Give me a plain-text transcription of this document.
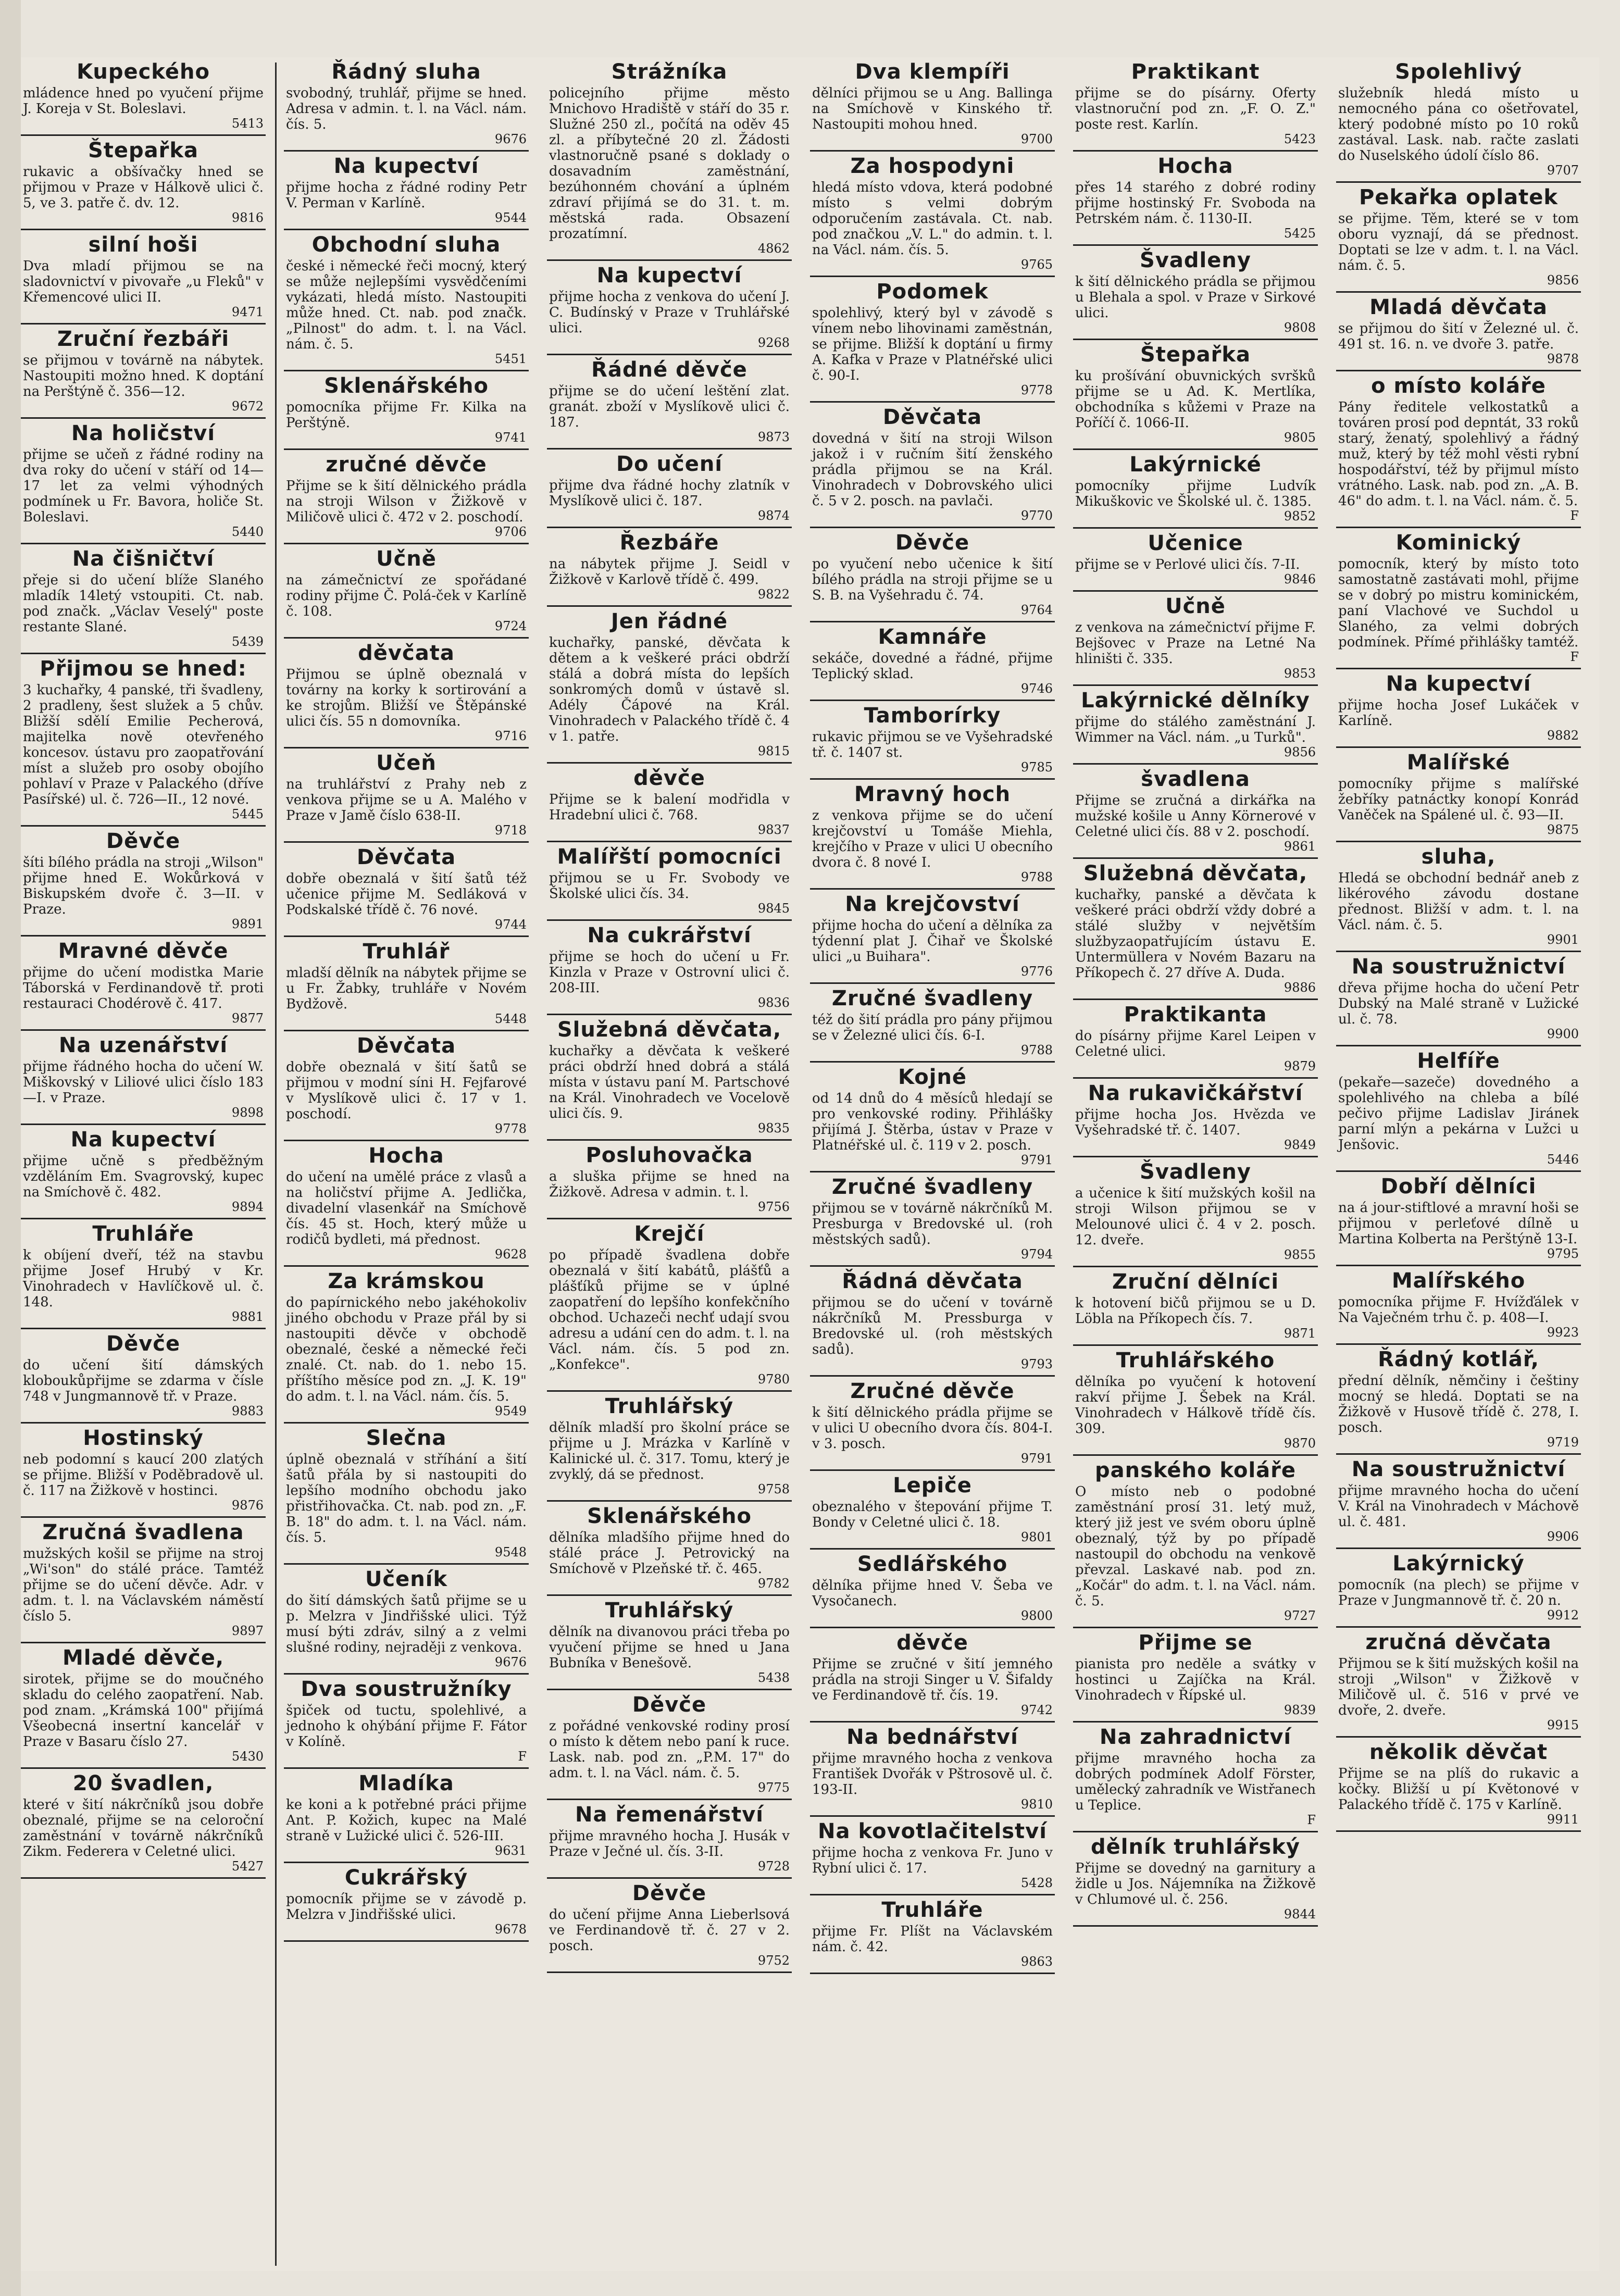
Kupeckého

mládence hned po vyučení přijme J. Koreja v St. Boleslavi.

5413
Štepařka

rukavic a obšívačky hned se přijmou v Praze v Hálkově ulici č. 5, ve 3. patře č. dv. 12.

9816
silní hoši

Dva mladí přijmou se na sladovnictví v pivovaře „u Fleků" v Křemencové ulici II.

9471
Zruční řezbáři

se přijmou v továrně na nábytek. Nastoupiti možno hned. K doptání na Perštýně č. 356—12.

9672
Na holičství

přijme se učeň z řádné rodiny na dva roky do učení v stáří od 14—17 let za velmi výhodných podmínek u Fr. Bavora, holiče St. Boleslavi.

5440
Na čišničtví

přeje si do učení blíže Slaného mladík 14letý vstoupiti. Ct. nab. pod značk. „Václav Veselý" poste restante Slané.

5439
Přijmou se hned:

3 kuchařky, 4 panské, tři švadleny, 2 pradleny, šest služek a 5 chův. Bližší sdělí Emilie Pecherová, majitelka nově otevřeného koncesov. ústavu pro zaopatřování míst a služeb pro osoby obojího pohlaví v Praze v Palackého (dříve Pasířské) ul. č. 726—II., 12 nové.

5445
Děvče

šíti bílého prádla na stroji „Wilson" přijme hned E. Wokůrková v Biskupském dvoře č. 3—II. v Praze.

9891
Mravné děvče

přijme do učení modistka Marie Táborská v Ferdinandově tř. proti restauraci Chodérově č. 417.

9877
Na uzenářství

přijme řádného hocha do učení W. Miškovský v Liliové ulici číslo 183—I. v Praze.

9898
Na kupectví

přijme učně s předběžným vzděláním Em. Svagrovský, kupec na Smíchově č. 482.

9894
Truhláře

k obíjení dveří, též na stavbu přijme Josef Hrubý v Kr. Vinohradech v Havlíčkově ul. č. 148.

9881
Děvče

do učení šití dámských kloboukůpřijme se zdarma v čísle 748 v Jungmannově tř. v Praze.

9883
Hostinský

neb podomní s kaucí 200 zlatých se přijme. Bližší v Poděbradově ul. č. 117 na Žižkově v hostinci.

9876
Zručná švadlena

mužských košil se přijme na stroj „Wi'son" do stálé práce. Tamtéž přijme se do učení děvče. Adr. v adm. t. l. na Václavském náměstí číslo 5.

9897
Mladé děvče,

sirotek, přijme se do moučného skladu do celého zaopatření. Nab. pod znam. „Krámská 100" přijímá Všeobecná insertní kancelář v Praze v Basaru číslo 27.

5430
20 švadlen,

které v šití nákrčníků jsou dobře obeznalé, přijme se na celoroční zaměstnání v továrně nákrčníků Zikm. Federera v Celetné ulici.

5427
Řádný sluha

svobodný, truhlář, přijme se hned. Adresa v admin. t. l. na Václ. nám. čís. 5.

9676
Na kupectví

přijme hocha z řádné rodiny Petr V. Perman v Karlíně.

9544
Obchodní sluha

české i německé řeči mocný, který se může nejlepšími vysvědčeními vykázati, hledá místo. Nastoupiti může hned. Ct. nab. pod značk. „Pilnost" do adm. t. l. na Václ. nám. č. 5.

5451
Sklenářského

pomocníka přijme Fr. Kilka na Perštýně.

9741
zručné děvče

Přijme se k šití dělnického prádla na stroji Wilson v Žižkově v Miličově ulici č. 472 v 2. poschodí.

9706
Učně

na zámečnictví ze spořádané rodiny přijme Č. Polá-ček v Karlíně č. 108.

9724
děvčata

Přijmou se úplně obeznalá v továrny na korky k sortirování a ke strojům. Bližší ve Štěpánské ulici čís. 55 n domovníka.

9716
Učeň

na truhlářství z Prahy neb z venkova přijme se u A. Malého v Praze v Jamě číslo 638-II.

9718
Děvčata

dobře obeznalá v šití šatů též učenice přijme M. Sedláková v Podskalské třídě č. 76 nové.

9744
Truhlář

mladší dělník na nábytek přijme se u Fr. Žabky, truhláře v Novém Bydžově.

5448
Děvčata

dobře obeznalá v šití šatů se přijmou v modní síni H. Fejfarové v Myslíkově ulici č. 17 v 1. poschodí.

9778
Hocha

do učení na umělé práce z vlasů a na holičství přijme A. Jedlička, divadelní vlasenkář na Smíchově čís. 45 st. Hoch, který může u rodičů bydleti, má přednost.

9628
Za krámskou

do papírnického nebo jakéhokoliv jiného obchodu v Praze přál by si nastoupiti děvče v obchodě obeznalé, české a německé řeči znalé. Ct. nab. do 1. nebo 15. příštího měsíce pod zn. „J. K. 19" do adm. t. l. na Václ. nám. čís. 5.

9549
Slečna

úplně obeznalá v stříhání a šití šatů přála by si nastoupiti do lepšího modního obchodu jako přistřihovačka. Ct. nab. pod zn. „F. B. 18" do adm. t. l. na Václ. nám. čís. 5.

9548
Učeník

do šití dámských šatů přijme se u p. Melzra v Jindřišské ulici. Týž musí býti zdráv, silný a z velmi slušné rodiny, nejraději z venkova.

9676
Dva soustružníky

špiček od tuctu, spolehlivé, a jednoho k ohýbání přijme F. Fátor v Kolíně.

F
Mladíka

ke koni a k potřebné práci přijme Ant. P. Kožich, kupec na Malé straně v Lužické ulici č. 526-III.

9631
Cukrářský

pomocník přijme se v závodě p. Melzra v Jindřišské ulici.

9678
Strážníka

policejního přijme město Mnichovo Hradiště v stáří do 35 r. Služné 250 zl., počítá na oděv 45 zl. a příbytečné 20 zl. Žádosti vlastnoručně psané s doklady o dosavadním zaměstnání, bezúhonném chování a úplném zdraví přijímá se do 31. t. m. městská rada. Obsazení prozatímní.

4862
Na kupectví

přijme hocha z venkova do učení J. C. Budínský v Praze v Truhlářské ulici.

9268
Řádné děvče

přijme se do učení leštění zlat. granát. zboží v Myslíkově ulici č. 187.

9873
Do učení

přijme dva řádné hochy zlatník v Myslíkově ulici č. 187.

9874
Řezbáře

na nábytek přijme J. Seidl v Žižkově v Karlově třídě č. 499.

9822
Jen řádné

kuchařky, panské, děvčata k dětem a k veškeré práci obdrží stálá a dobrá místa do lepších sonkromých domů v ústavě sl. Adély Čápové na Král. Vinohradech v Palackého třídě č. 4 v 1. patře.

9815
děvče

Přijme se k balení modřidla v Hradební ulici č. 768.

9837
Malířští pomocníci

přijmou se u Fr. Svobody ve Školské ulici čís. 34.

9845
Na cukrářství

přijme se hoch do učení u Fr. Kinzla v Praze v Ostrovní ulici č. 208-III.

9836
Služebná děvčata,

kuchařky a děvčata k veškeré práci obdrží hned dobrá a stálá místa v ústavu paní M. Partschové na Král. Vinohradech ve Vocelově ulici čís. 9.

9835
Posluhovačka

a sluška přijme se hned na Žižkově. Adresa v admin. t. l.

9756
Krejčí

po případě švadlena dobře obeznalá v šití kabátů, plášťů a plášťíků přijme se v úplné zaopatření do lepšího konfekčního obchod. Uchazeči nechť udají svou adresu a udání cen do adm. t. l. na Václ. nám. čís. 5 pod zn. „Konfekce".

9780
Truhlářský

dělník mladší pro školní práce se přijme u J. Mrázka v Karlíně v Kalinické ul. č. 317. Tomu, který je zvyklý, dá se přednost.

9758
Sklenářského

dělníka mladšího přijme hned do stálé práce J. Petrovický na Smíchově v Plzeňské tř. č. 465.

9782
Truhlářský

dělník na divanovou práci třeba po vyučení přijme se hned u Jana Bubníka v Benešově.

5438
Děvče

z pořádné venkovské rodiny prosí o místo k dětem nebo paní k ruce. Lask. nab. pod zn. „P.M. 17" do adm. t. l. na Václ. nám. č. 5.

9775
Na řemenářství

přijme mravného hocha J. Husák v Praze v Ječné ul. čís. 3-II.

9728
Děvče

do učení přijme Anna Lieberlsová ve Ferdinandově tř. č. 27 v 2. posch.

9752
Dva klempíři

dělníci přijmou se u Ang. Ballinga na Smíchově v Kinského tř. Nastoupiti mohou hned.

9700
Za hospodyni

hledá místo vdova, která podobné místo s velmi dobrým odporučením zastávala. Ct. nab. pod značkou „V. L." do admin. t. l. na Václ. nám. čís. 5.

9765
Podomek

spolehlivý, který byl v závodě s vínem nebo lihovinami zaměstnán, se přijme. Bližší k doptání u firmy A. Kafka v Praze v Platnéřské ulici č. 90-I.

9778
Děvčata

dovedná v šití na stroji Wilson jakož i v ručním šití ženského prádla přijmou se na Král. Vinohradech v Dobrovského ulici č. 5 v 2. posch. na pavlači.

9770
Děvče

po vyučení nebo učenice k šití bílého prádla na stroji přijme se u S. B. na Vyšehradu č. 74.

9764
Kamnáře

sekáče, dovedné a řádné, přijme Teplický sklad.

9746
Tamborírky

rukavic přijmou se ve Vyšehradské tř. č. 1407 st.

9785
Mravný hoch

z venkova přijme se do učení krejčovství u Tomáše Miehla, krejčího v Praze v ulici U obecního dvora č. 8 nové I.

9788
Na krejčovství

přijme hocha do učení a dělníka za týdenní plat J. Čihař ve Školské ulici „u Buihara".

9776
Zručné švadleny

též do šití prádla pro pány přijmou se v Železné ulici čís. 6-I.

9788
Kojné

od 14 dnů do 4 měsíců hledají se pro venkovské rodiny. Přihlášky přijímá J. Štěrba, ústav v Praze v Platnéřské ul. č. 119 v 2. posch.

9791
Zručné švadleny

přijmou se v továrně nákrčníků M. Presburga v Bredovské ul. (roh městských sadů).

9794
Řádná děvčata

přijmou se do učení v továrně nákrčníků M. Pressburga v Bredovské ul. (roh městských sadů).

9793
Zručné děvče

k šití dělnického prádla přijme se v ulici U obecního dvora čís. 804-I. v 3. posch.

9791
Lepiče

obeznalého v štepování přijme T. Bondy v Celetné ulici č. 18.

9801
Sedlářského

dělníka přijme hned V. Šeba ve Vysočanech.

9800
děvče

Přijme se zručné v šití jemného prádla na stroji Singer u V. Šifaldy ve Ferdinandově tř. čís. 19.

9742
Na bednářství

přijme mravného hocha z venkova František Dvořák v Pštrosově ul. č. 193-II.

9810
Na kovotlačitelství

přijme hocha z venkova Fr. Juno v Rybní ulici č. 17.

5428
Truhláře

přijme Fr. Plíšt na Václavském nám. č. 42.

9863
Praktikant

přijme se do písárny. Oferty vlastnoruční pod zn. „F. O. Z." poste rest. Karlín.

5423
Hocha

přes 14 starého z dobré rodiny přijme hostinský Fr. Svoboda na Petrském nám. č. 1130-II.

5425
Švadleny

k šití dělnického prádla se přijmou u Blehala a spol. v Praze v Sirkové ulici.

9808
Štepařka

ku prošívání obuvnických svršků přijme se u Ad. K. Mertlíka, obchodníka s kůžemi v Praze na Poříčí č. 1066-II.

9805
Lakýrnické

pomocníky přijme Ludvík Mikuškovic ve Školské ul. č. 1385.

9852
Učenice

přijme se v Perlové ulici čís. 7-II.

9846
Učně

z venkova na zámečnictví přijme F. Bejšovec v Praze na Letné Na hliništi č. 335.

9853
Lakýrnické dělníky

přijme do stálého zaměstnání J. Wimmer na Václ. nám. „u Turků".

9856
švadlena

Přijme se zručná a dirkářka na mužské košile u Anny Körnerové v Celetné ulici čís. 88 v 2. poschodí.

9861
Služebná děvčata,

kuchařky, panské a děvčata k veškeré práci obdrží vždy dobré a stálé služby v největším službyzaopatřujícím ústavu E. Untermüllera v Novém Bazaru na Příkopech č. 27 dříve A. Duda.

9886
Praktikanta

do písárny přijme Karel Leipen v Celetné ulici.

9879
Na rukavičkářství

přijme hocha Jos. Hvězda ve Vyšehradské tř. č. 1407.

9849
Švadleny

a učenice k šití mužských košil na stroji Wilson přijmou se v Melounové ulici č. 4 v 2. posch. 12. dveře.

9855
Zruční dělníci

k hotovení bičů přijmou se u D. Löbla na Příkopech čís. 7.

9871
Truhlářského

dělníka po vyučení k hotovení rakví přijme J. Šebek na Král. Vinohradech v Hálkově třídě čís. 309.

9870
panského koláře

O místo neb o podobné zaměstnání prosí 31. letý muž, který již jest ve svém oboru úplně obeznalý, týž by po případě nastoupil do obchodu na venkově převzal. Laskavé nab. pod zn. „Kočár" do adm. t. l. na Václ. nám. č. 5.

9727
Přijme se

pianista pro neděle a svátky v hostinci u Zajíčka na Král. Vinohradech v Řípské ul.

9839
Na zahradnictví

přijme mravného hocha za dobrých podmínek Adolf Förster, umělecký zahradník ve Wistřanech u Teplice.

F
dělník truhlářský

Přijme se dovedný na garnitury a židle u Jos. Nájemníka na Žižkově v Chlumové ul. č. 256.

9844
Spolehlivý

služebník hledá místo u nemocného pána co ošetřovatel, který podobné místo po 10 roků zastával. Lask. nab. račte zaslati do Nuselského údolí číslo 86.

9707
Pekařka oplatek

se přijme. Těm, které se v tom oboru vyznají, dá se přednost. Doptati se lze v adm. t. l. na Václ. nám. č. 5.

9856
Mladá děvčata

se přijmou do šití v Železné ul. č. 491 st. 16. n. ve dvoře 3. patře.

9878
o místo koláře

Pány ředitele velkostatků a továren prosí pod depntát, 33 roků starý, ženatý, spolehlivý a řádný muž, který by též mohl věsti rybní hospodářství, též by přijmul místo vrátného. Lask. nab. pod zn. „A. B. 46" do adm. t. l. na Václ. nám. č. 5.

F
Kominický

pomocník, který by místo toto samostatně zastávati mohl, přijme se v dobrý po mistru kominickém, paní Vlachové ve Suchdol u Slaného, za velmi dobrých podmínek. Přímé přihlášky tamtéž.

F
Na kupectví

přijme hocha Josef Lukáček v Karlíně.

9882
Malířské

pomocníky přijme s malířské žebříky patnáctky konopí Konrád Vaněček na Spálené ul. č. 93—II.

9875
sluha,

Hledá se obchodní bednář aneb z likérového závodu dostane přednost. Bližší v adm. t. l. na Václ. nám. č. 5.

9901
Na soustružnictví

dřeva přijme hocha do učení Petr Dubský na Malé straně v Lužické ul. č. 78.

9900
Helfíře

(pekaře—sazeče) dovedného a spolehlivého na chleba a bílé pečivo přijme Ladislav Jiránek parní mlýn a pekárna v Lužci u Jenšovic.

5446
Dobří dělníci

na á jour-stiftlové a mravní hoši se přijmou v perleťové dílně u Martina Kolberta na Perštýně 13-I.

9795
Malířského

pomocníka přijme F. Hvížďálek v Na Vaječném trhu č. p. 408—I.

9923
Řádný kotlář,

přední dělník, němčiny i češtiny mocný se hledá. Doptati se na Žižkově v Husově třídě č. 278, I. posch.

9719
Na soustružnictví

přijme mravného hocha do učení V. Král na Vinohradech v Máchově ul. č. 481.

9906
Lakýrnický

pomocník (na plech) se přijme v Praze v Jungmannově tř. č. 20 n.

9912
zručná děvčata

Přijmou se k šití mužských košil na stroji „Wilson" v Žižkově v Miličově ul. č. 516 v prvé ve dvoře, 2. dveře.

9915
několik děvčat

Přijme se na plíš do rukavic a kočky. Bližší u pí Květonové v Palackého třídě č. 175 v Karlíně.

9911
